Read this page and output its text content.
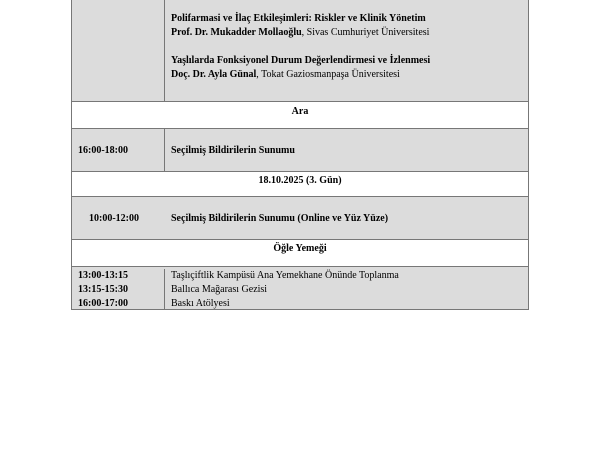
Polifarmasi ve İlaç Etkileşimleri: Riskler ve Klinik Yönetim
Prof. Dr. Mukadder Mollaoğlu, Sivas Cumhuriyet Üniversitesi
Yaşlılarda Fonksiyonel Durum Değerlendirmesi ve İzlenmesi
Doç. Dr. Ayla Günal, Tokat Gaziosmanpaşa Üniversitesi
Ara
16:00-18:00	Seçilmiş Bildirilerin Sunumu
18.10.2025 (3. Gün)
10:00-12:00	Seçilmiş Bildirilerin Sunumu (Online ve Yüz Yüze)
Öğle Yemeği
13:00-13:15
13:15-15:30
16:00-17:00
Taşlıçiftlik Kampüsü Ana Yemekhane Önünde Toplanma
Ballıca Mağarası Gezisi
Baskı Atölyesi
